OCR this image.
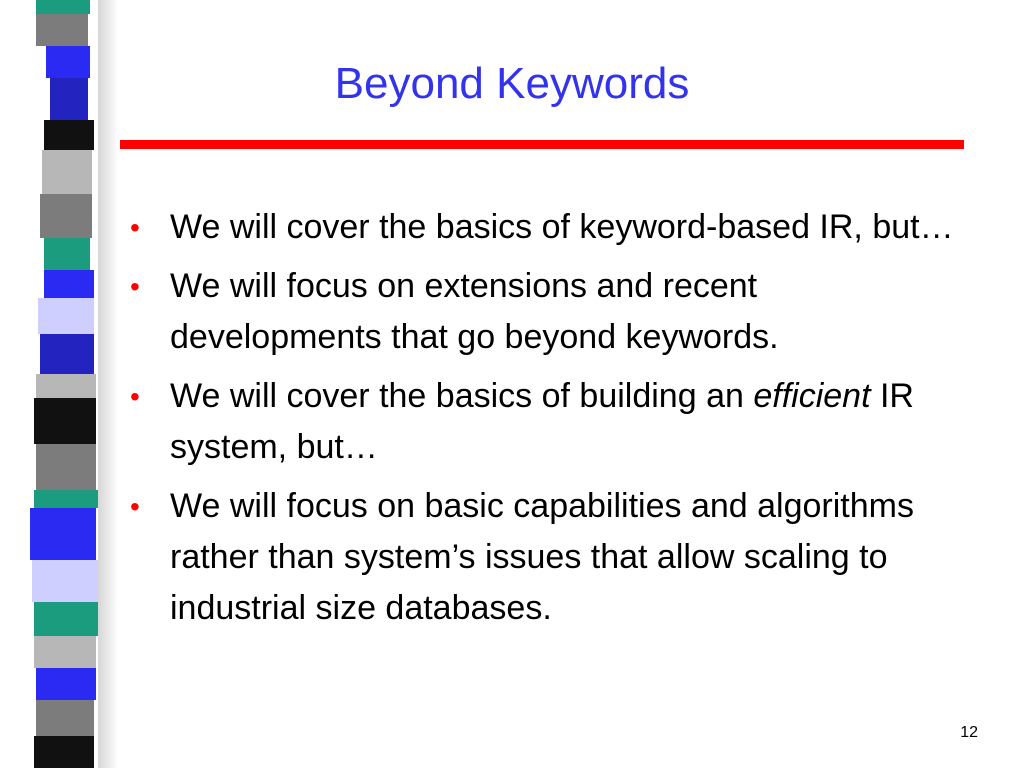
Beyond Keywords
• We will cover the basics of keyword-based IR, but…
• We will focus on extensions and recent developments that go beyond keywords.
• We will cover the basics of building an efficient IR system, but…
• We will focus on basic capabilities and algorithms rather than system’s issues that allow scaling to industrial size databases.
12
